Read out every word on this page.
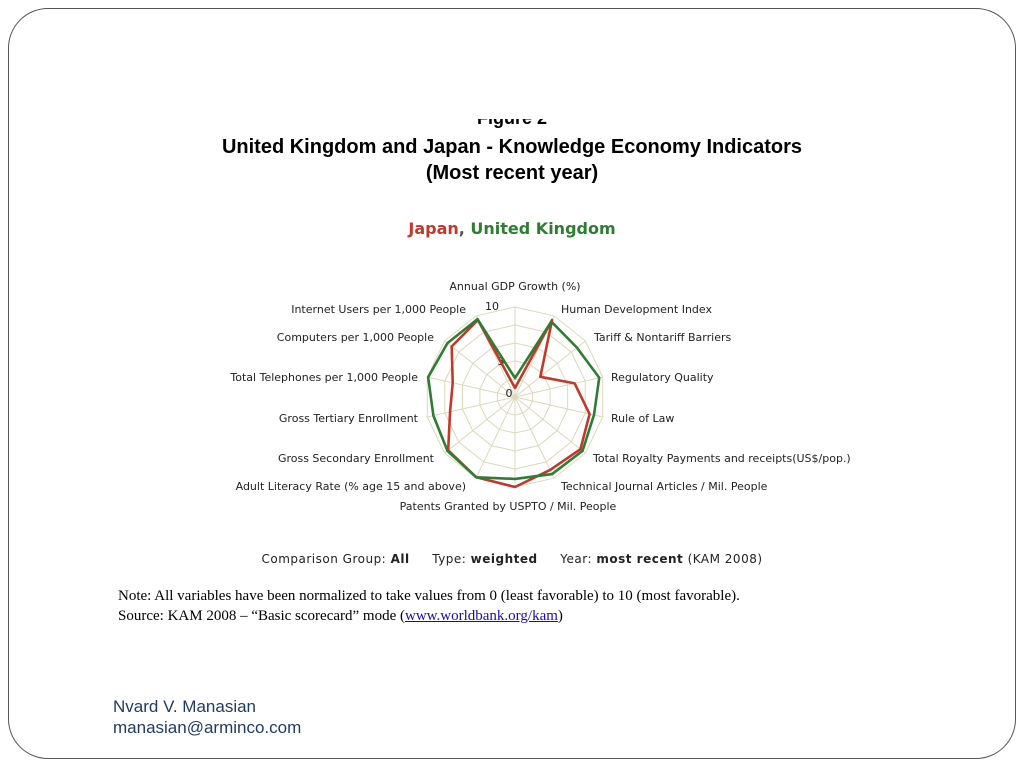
United Kingdom and Japan - Knowledge Economy Indicators
(Most recent year)
Japan, United Kingdom
0
5
10
Annual GDP Growth (%)
Human Development Index
Tariff & Nontariff Barriers
Regulatory Quality
Rule of Law
Total Royalty Payments and receipts(US$/pop.)
Technical Journal Articles / Mil. People
Patents Granted by USPTO / Mil. People
Adult Literacy Rate (% age 15 and above)
Gross Secondary Enrollment
Gross Tertiary Enrollment
Total Telephones per 1,000 People
Computers per 1,000 People
Internet Users per 1,000 People
Comparison Group: All Type: weighted Year: most recent (KAM 2008)
Note: All variables have been normalized to take values from 0 (least favorable) to 10 (most favorable).
Source: KAM 2008 – “Basic scorecard” mode (www.worldbank.org/kam)
Nvard V. Manasian
manasian@arminco.com
